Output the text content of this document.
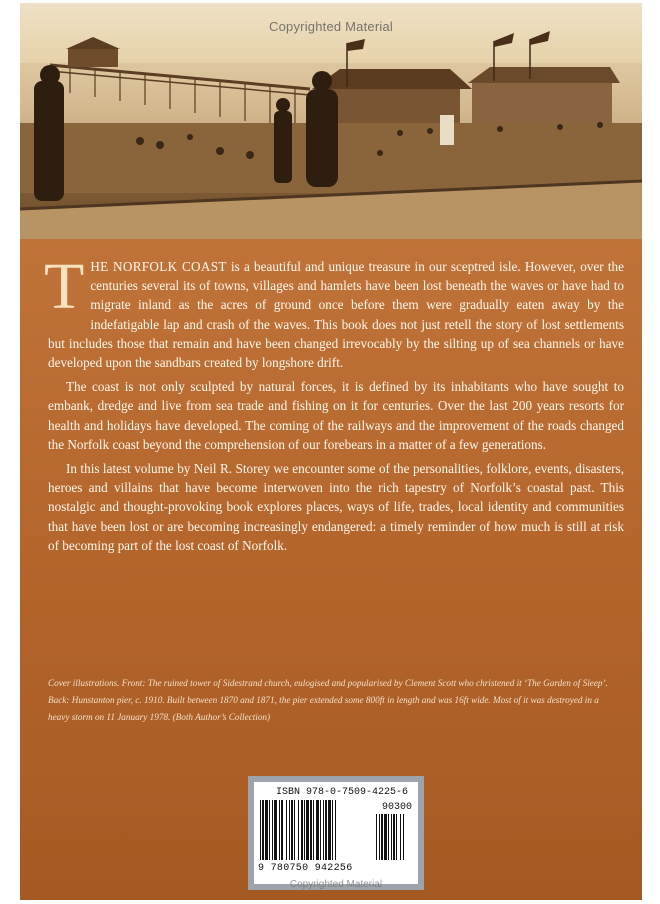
Copyrighted Material

THE NORFOLK COAST is a beautiful and unique treasure in our sceptred isle. However, over the centuries several its of towns, villages and hamlets have been lost beneath the waves or have had to migrate inland as the acres of ground once before them were gradually eaten away by the indefatigable lap and crash of the waves. This book does not just retell the story of lost settlements but includes those that remain and have been changed irrevocably by the silting up of sea channels or have developed upon the sandbars created by longshore drift.

The coast is not only sculpted by natural forces, it is defined by its inhabitants who have sought to embank, dredge and live from sea trade and fishing on it for centuries. Over the last 200 years resorts for health and holidays have developed. The coming of the railways and the improvement of the roads changed the Norfolk coast beyond the comprehension of our forebears in a matter of a few generations.

In this latest volume by Neil R. Storey we encounter some of the personalities, folklore, events, disasters, heroes and villains that have become interwoven into the rich tapestry of Norfolk’s coastal past. This nostalgic and thought-provoking book explores places, ways of life, trades, local identity and communities that have been lost or are becoming increasingly endangered: a timely reminder of how much is still at risk of becoming part of the lost coast of Norfolk.

Cover illustrations. Front: The ruined tower of Sidestrand church, eulogised and popularised by Clement Scott who christened it ‘The Garden of Sleep’. Back: Hunstanton pier, c. 1910. Built between 1870 and 1871, the pier extended some 800ft in length and was 16ft wide. Most of it was destroyed in a heavy storm on 11 January 1978. (Both Author’s Collection)
ISBN 978-0-7509-4225-6
90300
9 780750 942256
Copyrighted Material
